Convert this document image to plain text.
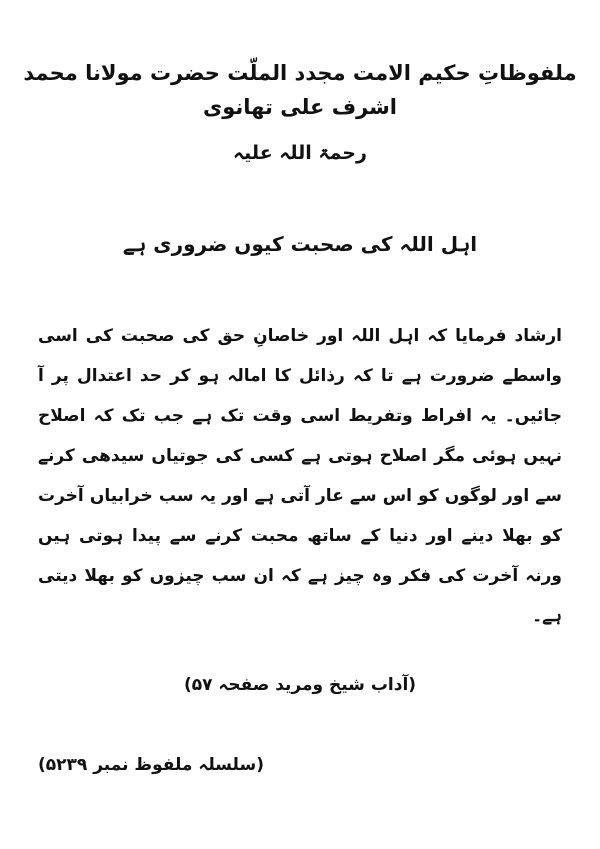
ملفوظاتِ حکیم الامت مجدد الملّت حضرت مولانا محمد اشرف علی تھانوی
رحمۃ اللہ علیہ
اہل اللہ کی صحبت کیوں ضروری ہے
ارشاد فرمایا کہ اہل اللہ اور خاصانِ حق کی صحبت کی اسی واسطے ضرورت ہے تا کہ رذائل کا امالہ ہو کر حد اعتدال پر آ جائیں۔ یہ افراط وتفریط اسی وقت تک ہے جب تک کہ اصلاح نہیں ہوئی مگر اصلاح ہوتی ہے کسی کی جوتیاں سیدھی کرنے سے اور لوگوں کو اس سے عار آتی ہے اور یہ سب خرابیاں آخرت کو بھلا دینے اور دنیا کے ساتھ محبت کرنے سے پیدا ہوتی ہیں ورنہ آخرت کی فکر وہ چیز ہے کہ ان سب چیزوں کو بھلا دیتی ہے۔
(آداب شیخ ومرید صفحہ ۵۷)
(سلسلہ ملفوظ نمبر ۵۲۳۹)
